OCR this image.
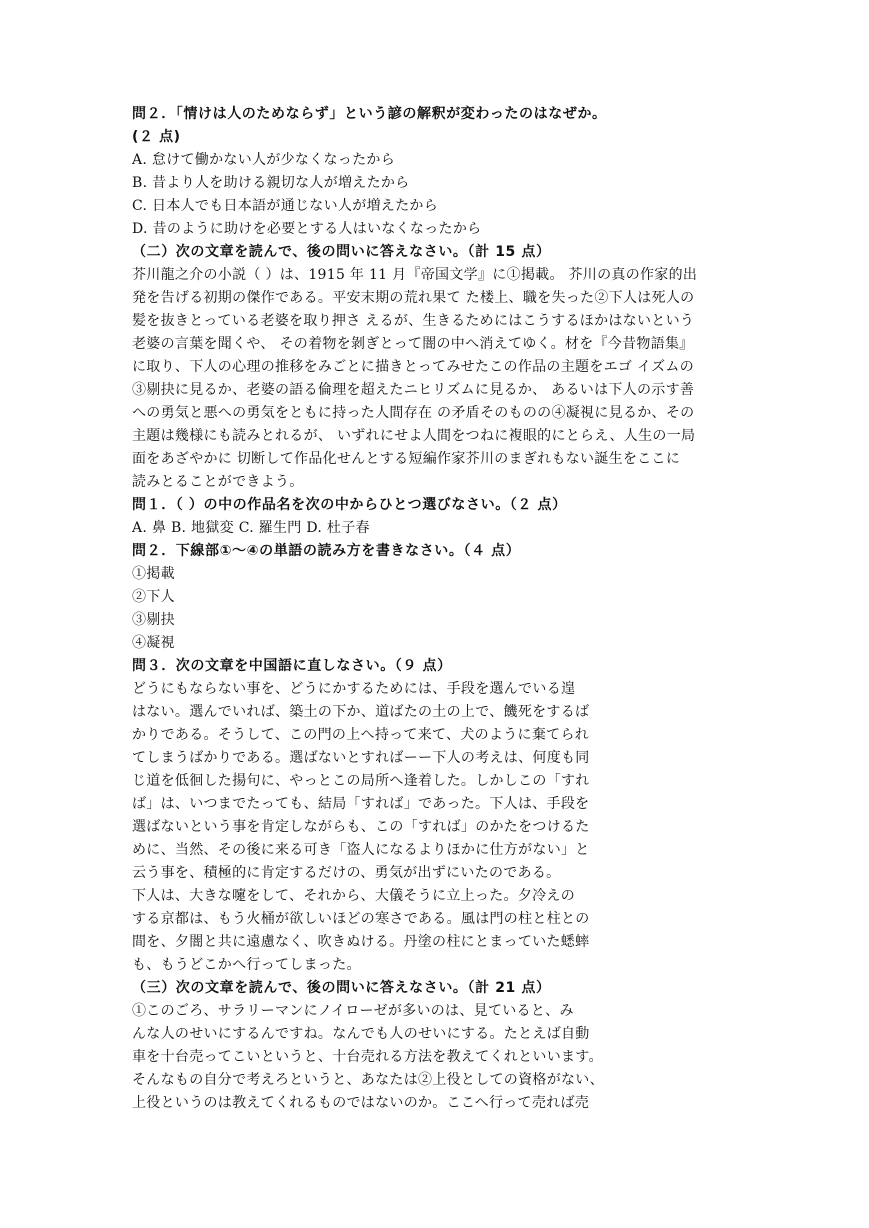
問２．「情けは人のためならず」という諺の解釈が変わったのはなぜか。
(２ 点)
A. 怠けて働かない人が少なくなったから
B. 昔より人を助ける親切な人が増えたから
C. 日本人でも日本語が通じない人が増えたから
D. 昔のように助けを必要とする人はいなくなったから
（二）次の文章を読んで、後の問いに答えなさい。（計 15 点）
芥川龍之介の小説（ ）は、1915 年 11 月『帝国文学』に①掲載。 芥川の真の作家的出
発を告げる初期の傑作である。平安末期の荒れ果て た楼上、職を失った②下人は死人の
髪を抜きとっている老婆を取り押さ えるが、生きるためにはこうするほかはないという
老婆の言葉を聞くや、 その着物を剝ぎとって闇の中へ消えてゆく。材を『今昔物語集』
に取り、下人の心理の推移をみごとに描きとってみせたこの作品の主題をエゴ イズムの
③剔抉に見るか、老婆の語る倫理を超えたニヒリズムに見るか、 あるいは下人の示す善
への勇気と悪への勇気をともに持った人間存在 の矛盾そのものの④凝視に見るか、その
主題は幾様にも読みとれるが、 いずれにせよ人間をつねに複眼的にとらえ、人生の一局
面をあざやかに 切断して作品化せんとする短編作家芥川のまぎれもない誕生をここに
読みとることができよう。
問１．（ ）の中の作品名を次の中からひとつ選びなさい。（２ 点）
A. 鼻 B. 地獄変 C. 羅生門 D. 杜子春
問２．下線部①～④の単語の読み方を書きなさい。（４ 点）
①掲載
②下人
③剔抉
④凝視
問３．次の文章を中国語に直しなさい。（９ 点）
どうにもならない事を、どうにかするためには、手段を選んでいる遑
はない。選んでいれば、築土の下か、道ばたの土の上で、饑死をするば
かりである。そうして、この門の上へ持って来て、犬のように棄てられ
てしまうばかりである。選ばないとすればーー下人の考えは、何度も同
じ道を低徊した揚句に、やっとこの局所へ逢着した。しかしこの「すれ
ば」は、いつまでたっても、結局「すれば」であった。下人は、手段を
選ばないという事を肯定しながらも、この「すれば」のかたをつけるた
めに、当然、その後に来る可き「盗人になるよりほかに仕方がない」と
云う事を、積極的に肯定するだけの、勇気が出ずにいたのである。
下人は、大きな嚔をして、それから、大儀そうに立上った。夕冷えの
する京都は、もう火桶が欲しいほどの寒さである。風は門の柱と柱との
間を、夕闇と共に遠慮なく、吹きぬける。丹塗の柱にとまっていた蟋蟀
も、もうどこかへ行ってしまった。
（三）次の文章を読んで、後の問いに答えなさい。（計 21 点）
①このごろ、サラリーマンにノイローゼが多いのは、見ていると、み
んな人のせいにするんですね。なんでも人のせいにする。たとえば自動
車を十台売ってこいというと、十台売れる方法を教えてくれといいます。
そんなもの自分で考えろというと、あなたは②上役としての資格がない、
上役というのは教えてくれるものではないのか。ここへ行って売れば売
